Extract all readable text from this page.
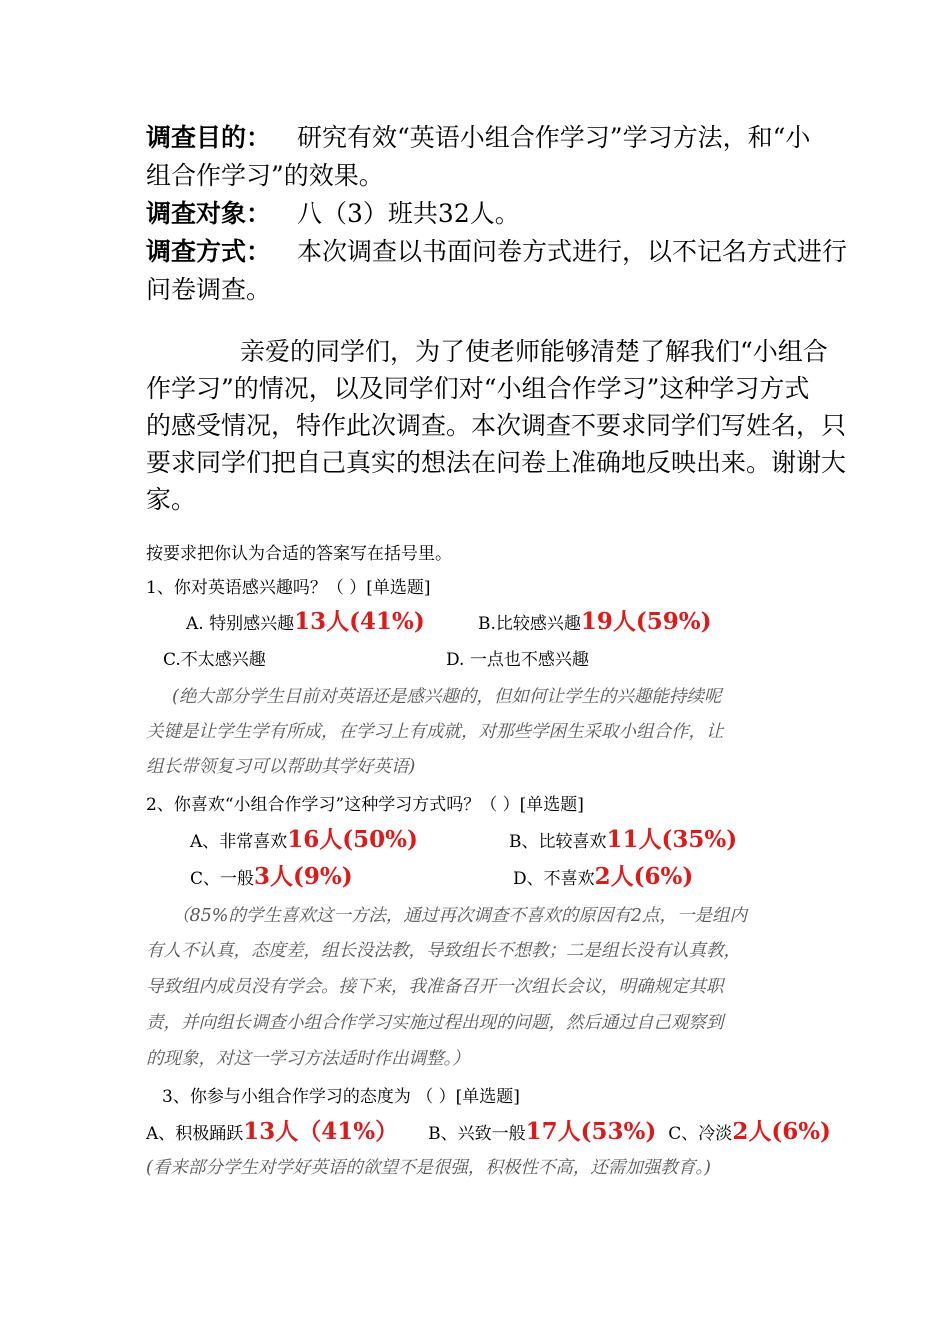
调查目的： 研究有效“英语小组合作学习”学习方法，和“小
组合作学习”的效果。
调查对象： 八（3）班共32人。
调查方式： 本次调查以书面问卷方式进行，以不记名方式进行
问卷调查。
亲爱的同学们，为了使老师能够清楚了解我们“小组合
作学习”的情况，以及同学们对“小组合作学习”这种学习方式
的感受情况，特作此次调查。本次调查不要求同学们写姓名，只
要求同学们把自己真实的想法在问卷上准确地反映出来。谢谢大
家。
按要求把你认为合适的答案写在括号里。
1、你对英语感兴趣吗？（ ）[单选题]
A. 特别感兴趣13人(41%)	B.比较感兴趣19人(59%)
C.不太感兴趣	D. 一点也不感兴趣
(绝大部分学生目前对英语还是感兴趣的，但如何让学生的兴趣能持续呢
关键是让学生学有所成，在学习上有成就，对那些学困生采取小组合作，让
组长带领复习可以帮助其学好英语)
2、你喜欢“小组合作学习”这种学习方式吗？（ ）[单选题]
A、非常喜欢16人(50%)	B、比较喜欢11人(35%)
C、一般3人(9%)	D、不喜欢2人(6%)
（85%的学生喜欢这一方法，通过再次调查不喜欢的原因有2点，一是组内
有人不认真，态度差，组长没法教，导致组长不想教；二是组长没有认真教，
导致组内成员没有学会。接下来，我准备召开一次组长会议，明确规定其职
责，并向组长调查小组合作学习实施过程出现的问题，然后通过自己观察到
的现象，对这一学习方法适时作出调整。）
3、你参与小组合作学习的态度为 （ ）[单选题]
A、积极踊跃13人（41%） B、兴致一般17人(53%) C、冷淡2人(6%)
(看来部分学生对学好英语的欲望不是很强，积极性不高，还需加强教育。)
